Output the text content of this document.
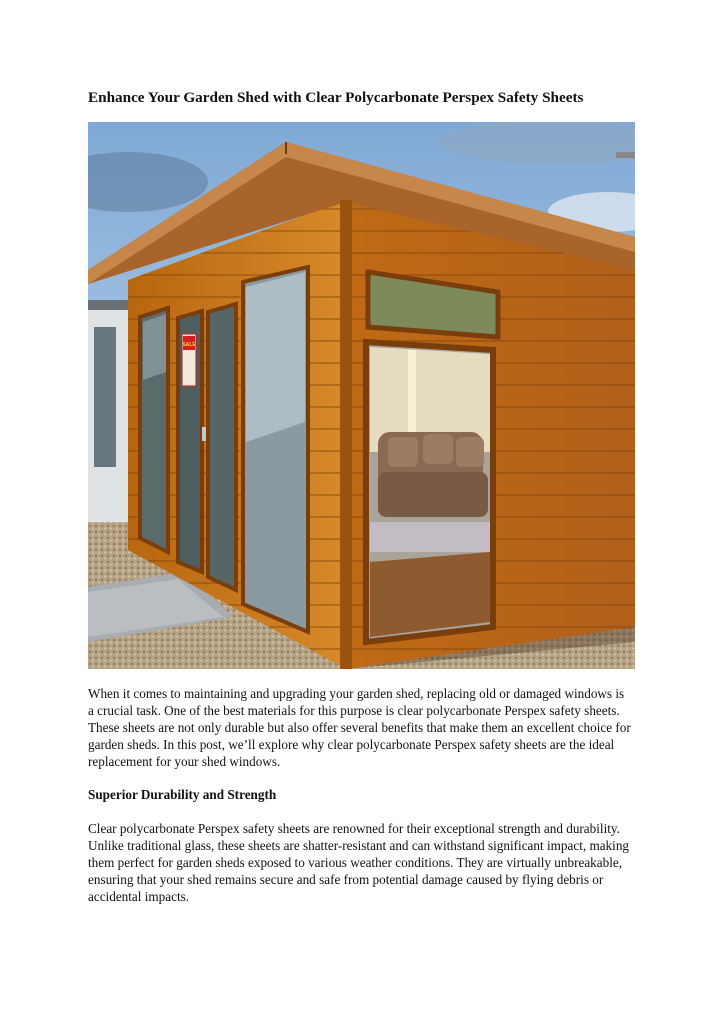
Enhance Your Garden Shed with Clear Polycarbonate Perspex Safety Sheets
SALE

When it comes to maintaining and upgrading your garden shed, replacing old or damaged windows is a crucial task. One of the best materials for this purpose is clear polycarbonate Perspex safety sheets. These sheets are not only durable but also offer several benefits that make them an excellent choice for garden sheds. In this post, we’ll explore why clear polycarbonate Perspex safety sheets are the ideal replacement for your shed windows.

Superior Durability and Strength

Clear polycarbonate Perspex safety sheets are renowned for their exceptional strength and durability. Unlike traditional glass, these sheets are shatter-resistant and can withstand significant impact, making them perfect for garden sheds exposed to various weather conditions. They are virtually unbreakable, ensuring that your shed remains secure and safe from potential damage caused by flying debris or accidental impacts.
